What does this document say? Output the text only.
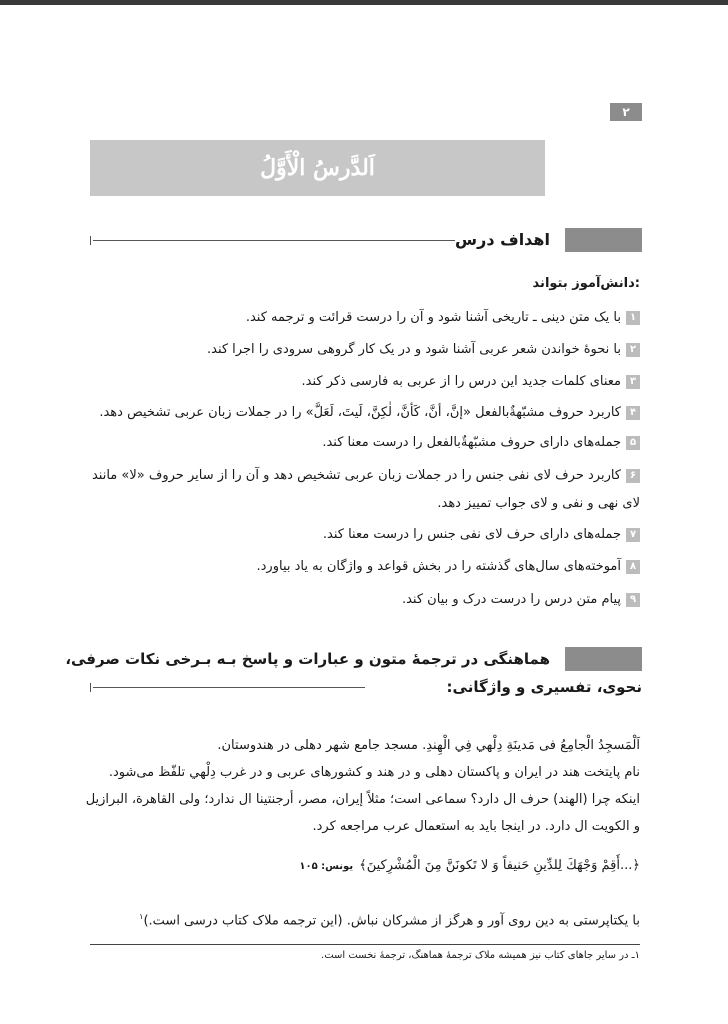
۲
اَلدَّرسُ الْأَوَّلُ
اهداف درس
دانش‌آموز بتواند:
۱با یک متن دینی ـ تاریخی آشنا شود و آن را درست قرائت و ترجمه کند.
۲با نحوهٔ خواندن شعر عربی آشنا شود و در یک کار گروهی سرودی را اجرا کند.
۳معنای کلمات جدید این درس را از عربی به فارسی ذکر کند.
۴کاربرد حروف مشبّهةٌبالفعل «إنَّ، أنَّ، کَأنَّ، لٰکِنَّ، لَیتَ، لَعَلَّ» را در جملات زبان عربی تشخیص دهد.
۵جمله‌های دارای حروف مشبّهةٌبالفعل را درست معنا کند.
۶کاربرد حرف لای نفی جنس را در جملات زبان عربی تشخیص دهد و آن را از سایر حروف «لا» مانند لای نهی و نفی و لای جواب تمییز دهد.
۷جمله‌های دارای حرف لای نفی جنس را درست معنا کند.
۸آموخته‌های سال‌های گذشته را در بخش قواعد و واژگان به یاد بیاورد.
۹پیام متن درس را درست درک و بیان کند.
هماهنگی در ترجمهٔ متون و عبارات و پاسخ بـه بـرخی نکات صرفی،
نحوی، تفسیری و واژگانی:
اَلْمَسجِدُ الْجامِعُ فی مَدینَةِ دِلْهي فِي الْهِندِ. مسجد جامع شهر دهلی در هندوستان.
نام پایتخت هند در ایران و پاکستان دهلی و در هند و کشورهای عربی و در غرب دِلْهي تلفّظ می‌شود.
اینکه چرا (الهند) حرف ال دارد؟ سماعی است؛ مثلاً إیران، مصر، أرجنتینا ال ندارد؛ ولی القاهرة، البرازیل و الکویت ال دارد. در اینجا باید به استعمال عرب مراجعه کرد.
﴿...أَقِمْ وَجْهَكَ لِلدِّينِ حَنيفاً وَ لا تَكونَنَّ مِنَ الْمُشْرِكينَ﴾یونس: ۱۰۵
با یکتاپرستی به دین روی آور و هرگز از مشرکان نباش. (این ترجمه ملاک کتاب درسی است.)$^۱$
۱ـ در سایر جاهای کتاب نیز همیشه ملاک ترجمهٔ هماهنگ، ترجمهٔ نخست است.
